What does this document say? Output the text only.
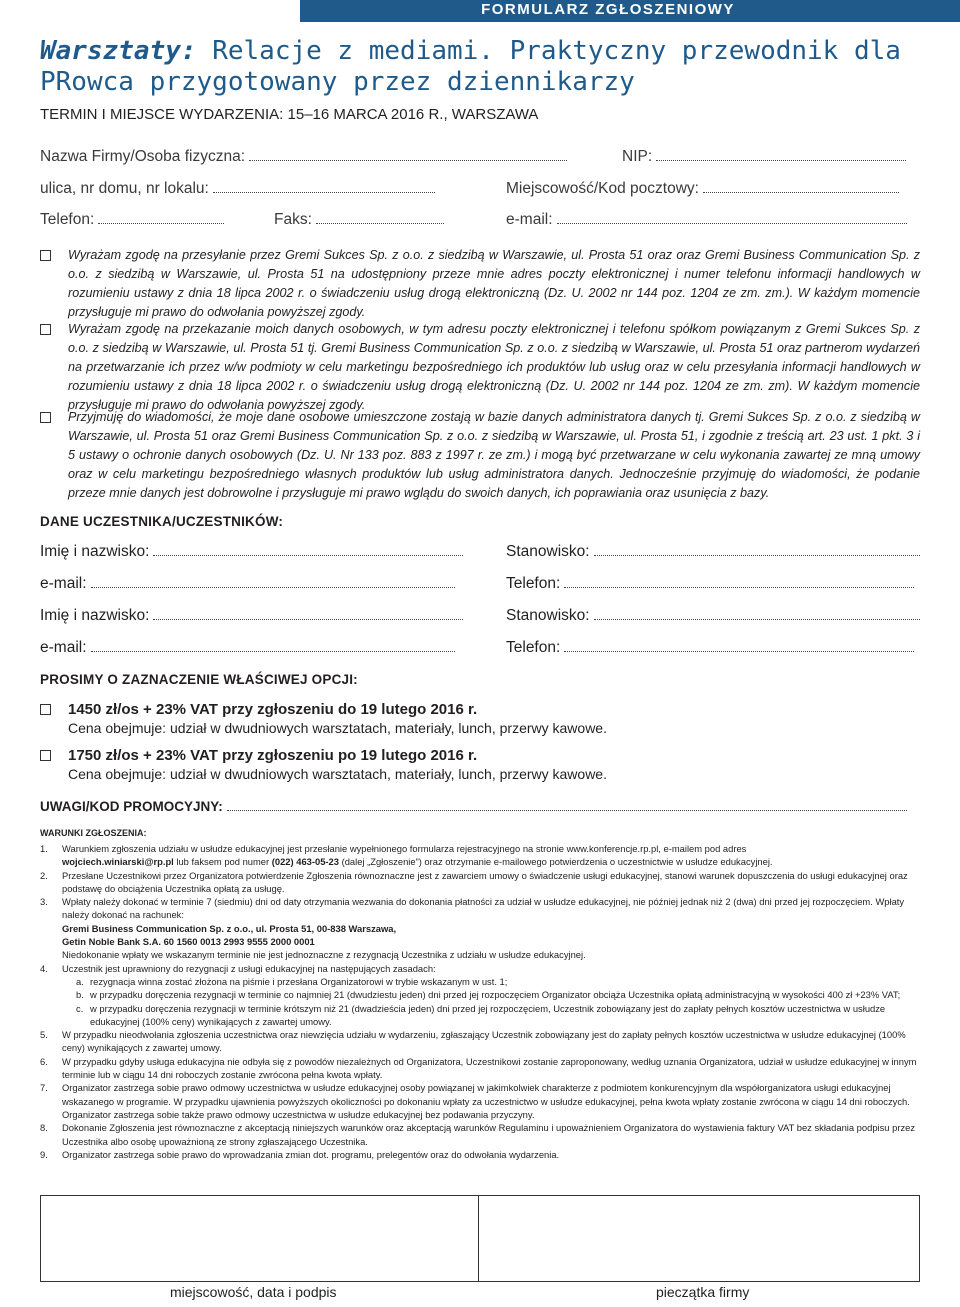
FORMULARZ ZGŁOSZENIOWY
Warsztaty: Relacje z mediami. Praktyczny przewodnik dla PRowca przygotowany przez dziennikarzy
TERMIN I MIEJSCE WYDARZENIA: 15–16 MARCA 2016 R., WARSZAWA
Nazwa Firmy/Osoba fizyczna:	NIP:
ulica, nr domu, nr lokalu:	Miejscowość/Kod pocztowy:
Telefon:	Faks:	e-mail:
Wyrażam zgodę na przesyłanie przez Gremi Sukces Sp. z o.o. z siedzibą w Warszawie, ul. Prosta 51 oraz oraz Gremi Business Communication Sp. z o.o. z siedzibą w Warszawie, ul. Prosta 51 na udostępniony przeze mnie adres poczty elektronicznej i numer telefonu informacji handlowych w rozumieniu ustawy z dnia 18 lipca 2002 r. o świadczeniu usług drogą elektroniczną (Dz. U. 2002 nr 144 poz. 1204 ze zm. zm.). W każdym momencie przysługuje mi prawo do odwołania powyższej zgody.
Wyrażam zgodę na przekazanie moich danych osobowych, w tym adresu poczty elektronicznej i telefonu spółkom powiązanym z Gremi Sukces Sp. z o.o. z siedzibą w Warszawie, ul. Prosta 51 tj. Gremi Business Communication Sp. z o.o. z siedzibą w Warszawie, ul. Prosta 51 oraz partnerom wydarzeń na przetwarzanie ich przez w/w podmioty w celu marketingu bezpośredniego ich produktów lub usług oraz w celu przesyłania informacji handlowych w rozumieniu ustawy z dnia 18 lipca 2002 r. o świadczeniu usług drogą elektroniczną (Dz. U. 2002 nr 144 poz. 1204 ze zm. zm). W każdym momencie przysługuje mi prawo do odwołania powyższej zgody.
Przyjmuję do wiadomości, że moje dane osobowe umieszczone zostają w bazie danych administratora danych tj. Gremi Sukces Sp. z o.o. z siedzibą w Warszawie, ul. Prosta 51 oraz Gremi Business Communication Sp. z o.o. z siedzibą w Warszawie, ul. Prosta 51, i zgodnie z treścią art. 23 ust. 1 pkt. 3 i 5 ustawy o ochronie danych osobowych (Dz. U. Nr 133 poz. 883 z 1997 r. ze zm.) i mogą być przetwarzane w celu wykonania zawartej ze mną umowy oraz w celu marketingu bezpośredniego własnych produktów lub usług administratora danych. Jednocześnie przyjmuję do wiadomości, że podanie przeze mnie danych jest dobrowolne i przysługuje mi prawo wglądu do swoich danych, ich poprawiania oraz usunięcia z bazy.
DANE UCZESTNIKA/UCZESTNIKÓW:
Imię i nazwisko:	Stanowisko:
e-mail:	Telefon:
Imię i nazwisko:	Stanowisko:
e-mail:	Telefon:
PROSIMY O ZAZNACZENIE WŁAŚCIWEJ OPCJI:
1450 zł/os + 23% VAT przy zgłoszeniu do 19 lutego 2016 r.
Cena obejmuje: udział w dwudniowych warsztatach, materiały, lunch, przerwy kawowe.
1750 zł/os + 23% VAT przy zgłoszeniu po 19 lutego 2016 r.
Cena obejmuje: udział w dwudniowych warsztatach, materiały, lunch, przerwy kawowe.
UWAGI/KOD PROMOCYJNY:
WARUNKI ZGŁOSZENIA:
1. Warunkiem zgłoszenia udziału w usłudze edukacyjnej jest przesłanie wypełnionego formularza rejestracyjnego na stronie www.konferencje.rp.pl, e-mailem pod adres
wojciech.winiarski@rp.pl lub faksem pod numer (022) 463-05-23 (dalej „Zgłoszenie”) oraz otrzymanie e-mailowego potwierdzenia o uczestnictwie w usłudze edukacyjnej.
2. Przesłane Uczestnikowi przez Organizatora potwierdzenie Zgłoszenia równoznaczne jest z zawarciem umowy o świadczenie usługi edukacyjnej, stanowi warunek dopuszczenia do usługi edukacyjnej oraz podstawę do obciążenia Uczestnika opłatą za usługę.
3. Wpłaty należy dokonać w terminie 7 (siedmiu) dni od daty otrzymania wezwania do dokonania płatności za udział w usłudze edukacyjnej, nie później jednak niż 2 (dwa) dni przed jej rozpoczęciem. Wpłaty należy dokonać na rachunek:
Gremi Business Communication Sp. z o.o., ul. Prosta 51, 00-838 Warszawa,
Getin Noble Bank S.A. 60 1560 0013 2993 9555 2000 0001
Niedokonanie wpłaty we wskazanym terminie nie jest jednoznaczne z rezygnacją Uczestnika z udziału w usłudze edukacyjnej.
4. Uczestnik jest uprawniony do rezygnacji z usługi edukacyjnej na następujących zasadach:
a. rezygnacja winna zostać złożona na piśmie i przesłana Organizatorowi w trybie wskazanym w ust. 1;
b. w przypadku doręczenia rezygnacji w terminie co najmniej 21 (dwudziestu jeden) dni przed jej rozpoczęciem Organizator obciąża Uczestnika opłatą administracyjną w wysokości 400 zł +23% VAT;
c. w przypadku doręczenia rezygnacji w terminie krótszym niż 21 (dwadzieścia jeden) dni przed jej rozpoczęciem, Uczestnik zobowiązany jest do zapłaty pełnych kosztów uczestnictwa w usłudze edukacyjnej (100% ceny) wynikających z zawartej umowy.
5. W przypadku nieodwołania zgłoszenia uczestnictwa oraz niewzięcia udziału w wydarzeniu, zgłaszający Uczestnik zobowiązany jest do zapłaty pełnych kosztów uczestnictwa w usłudze edukacyjnej (100% ceny) wynikających z zawartej umowy.
6. W przypadku gdyby usługa edukacyjna nie odbyła się z powodów niezależnych od Organizatora, Uczestnikowi zostanie zaproponowany, według uznania Organizatora, udział w usłudze edukacyjnej w innym terminie lub w ciągu 14 dni roboczych zostanie zwrócona pełna kwota wpłaty.
7. Organizator zastrzega sobie prawo odmowy uczestnictwa w usłudze edukacyjnej osoby powiązanej w jakimkolwiek charakterze z podmiotem konkurencyjnym dla współorganizatora usługi edukacyjnej wskazanego w programie. W przypadku ujawnienia powyższych okoliczności po dokonaniu wpłaty za uczestnictwo w usłudze edukacyjnej, pełna kwota wpłaty zostanie zwrócona w ciągu 14 dni roboczych. Organizator zastrzega sobie także prawo odmowy uczestnictwa w usłudze edukacyjnej bez podawania przyczyny.
8. Dokonanie Zgłoszenia jest równoznaczne z akceptacją niniejszych warunków oraz akceptacją warunków Regulaminu i upoważnieniem Organizatora do wystawienia faktury VAT bez składania podpisu przez Uczestnika albo osobę upoważnioną ze strony zgłaszającego Uczestnika.
9. Organizator zastrzega sobie prawo do wprowadzania zmian dot. programu, prelegentów oraz do odwołania wydarzenia.
miejscowość, data i podpis	pieczątka firmy
